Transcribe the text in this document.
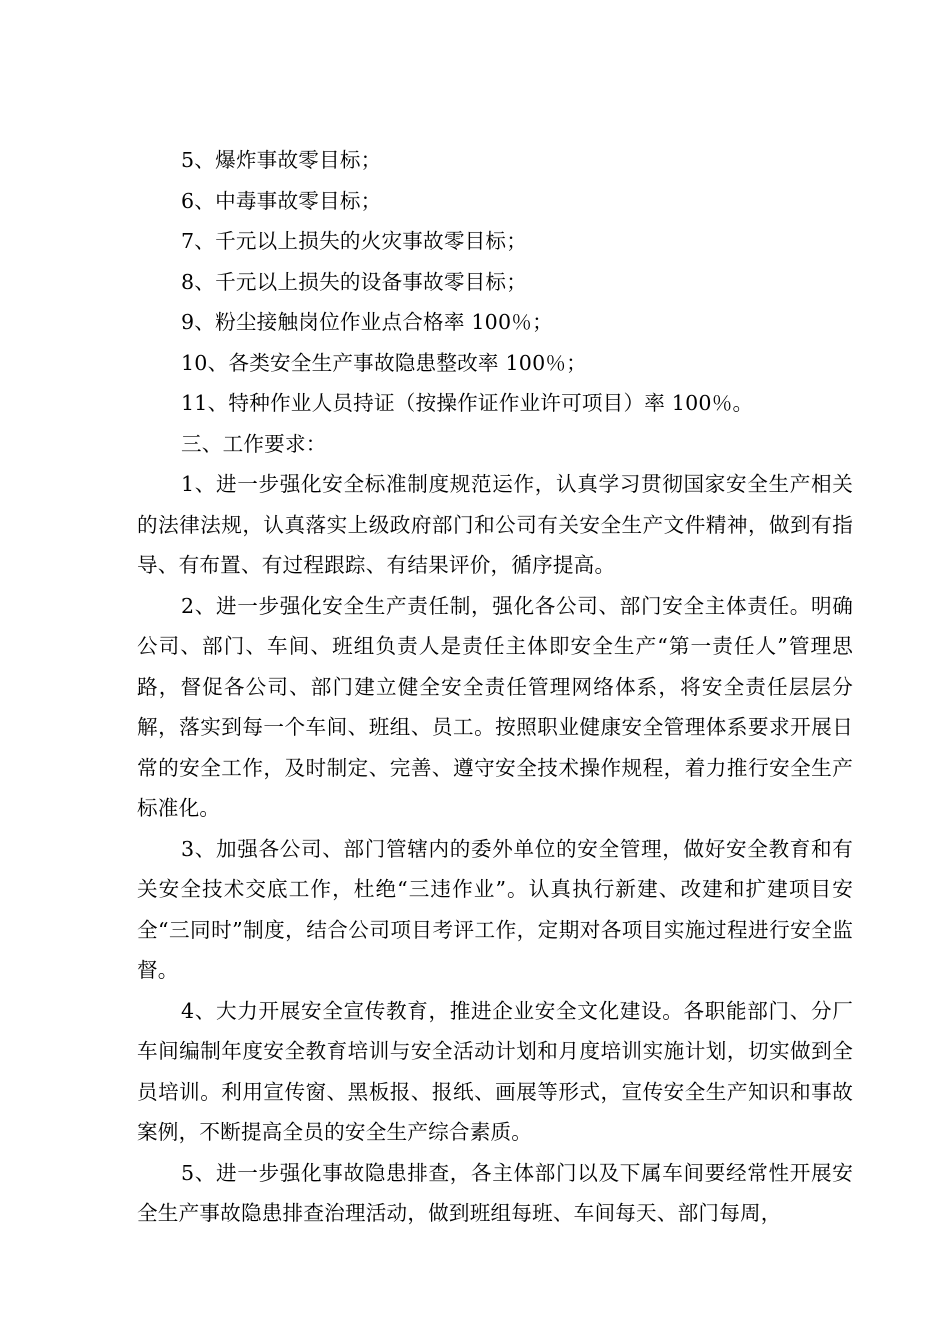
5、爆炸事故零目标；

6、中毒事故零目标；

7、千元以上损失的火灾事故零目标；

8、千元以上损失的设备事故零目标；

9、粉尘接触岗位作业点合格率 100％；

10、各类安全生产事故隐患整改率 100％；

11、特种作业人员持证（按操作证作业许可项目）率 100％。

三、工作要求：

1、进一步强化安全标准制度规范运作，认真学习贯彻国家安全生产相关的法律法规，认真落实上级政府部门和公司有关安全生产文件精神，做到有指导、有布置、有过程跟踪、有结果评价，循序提高。

2、进一步强化安全生产责任制，强化各公司、部门安全主体责任。明确公司、部门、车间、班组负责人是责任主体即安全生产“第一责任人”管理思路，督促各公司、部门建立健全安全责任管理网络体系，将安全责任层层分解，落实到每一个车间、班组、员工。按照职业健康安全管理体系要求开展日常的安全工作，及时制定、完善、遵守安全技术操作规程，着力推行安全生产标准化。

3、加强各公司、部门管辖内的委外单位的安全管理，做好安全教育和有关安全技术交底工作，杜绝“三违作业”。认真执行新建、改建和扩建项目安全“三同时”制度，结合公司项目考评工作，定期对各项目实施过程进行安全监督。

4、大力开展安全宣传教育，推进企业安全文化建设。各职能部门、分厂车间编制年度安全教育培训与安全活动计划和月度培训实施计划，切实做到全员培训。利用宣传窗、黑板报、报纸、画展等形式，宣传安全生产知识和事故案例，不断提高全员的安全生产综合素质。

5、进一步强化事故隐患排查，各主体部门以及下属车间要经常性开展安全生产事故隐患排查治理活动，做到班组每班、车间每天、部门每周，
